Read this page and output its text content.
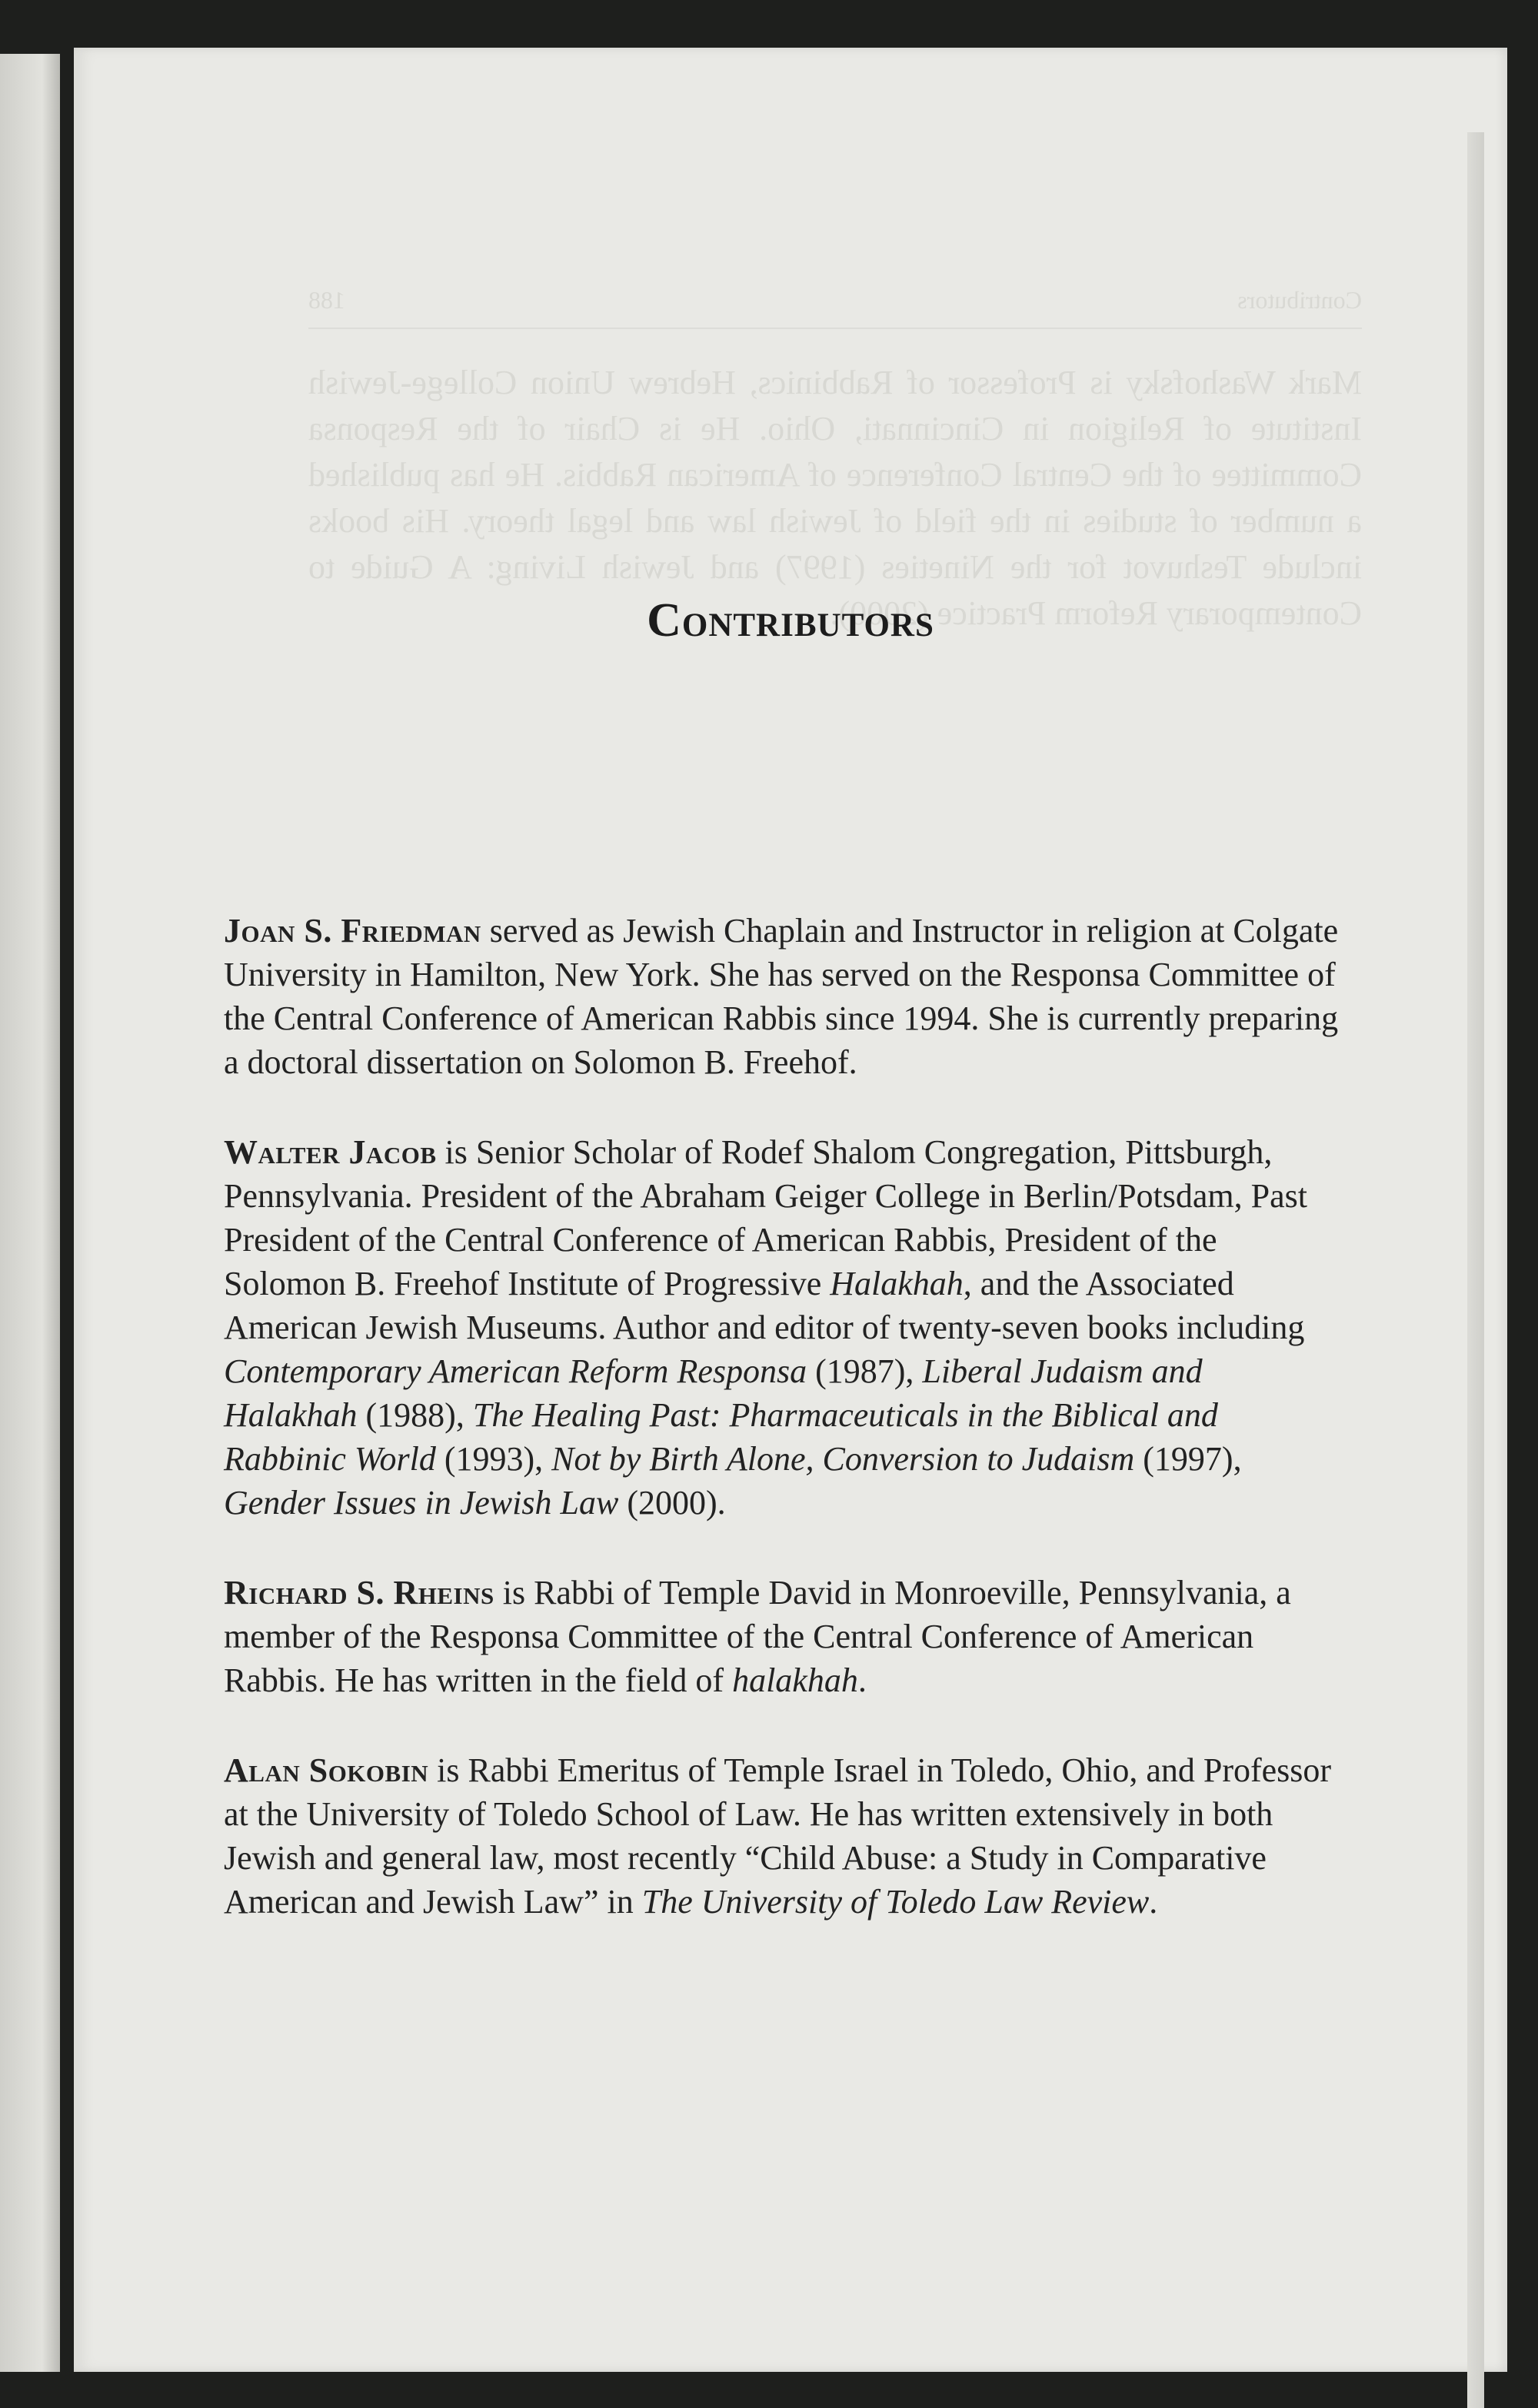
Contributors
188
Mark Washofsky is Professor of Rabbinics, Hebrew Union College-Jewish Institute of Religion in Cincinnati, Ohio. He is Chair of the Responsa Committee of the Central Conference of American Rabbis. He has published a number of studies in the field of Jewish law and legal theory. His books include Teshuvot for the Nineties (1997) and Jewish Living: A Guide to Contemporary Reform Practice (2000).
Contributors

Joan S. Friedman served as Jewish Chaplain and Instructor in religion at Colgate University in Hamilton, New York. She has served on the Responsa Committee of the Central Conference of American Rabbis since 1994. She is currently preparing a doctoral dissertation on Solomon B. Freehof.

Walter Jacob is Senior Scholar of Rodef Shalom Congregation, Pittsburgh, Pennsylvania. President of the Abraham Geiger College in Berlin/Potsdam, Past President of the Central Conference of American Rabbis, President of the Solomon B. Freehof Institute of Progressive Halakhah, and the Associated American Jewish Museums. Author and editor of twenty-seven books including Contemporary American Reform Responsa (1987), Liberal Judaism and Halakhah (1988), The Healing Past: Pharmaceuticals in the Biblical and Rabbinic World (1993), Not by Birth Alone, Conversion to Judaism (1997), Gender Issues in Jewish Law (2000).

Richard S. Rheins is Rabbi of Temple David in Monroeville, Pennsylvania, a member of the Responsa Committee of the Central Conference of American Rabbis. He has written in the field of halakhah.

Alan Sokobin is Rabbi Emeritus of Temple Israel in Toledo, Ohio, and Professor at the University of Toledo School of Law. He has written extensively in both Jewish and general law, most recently “Child Abuse: a Study in Comparative American and Jewish Law” in The University of Toledo Law Review.
